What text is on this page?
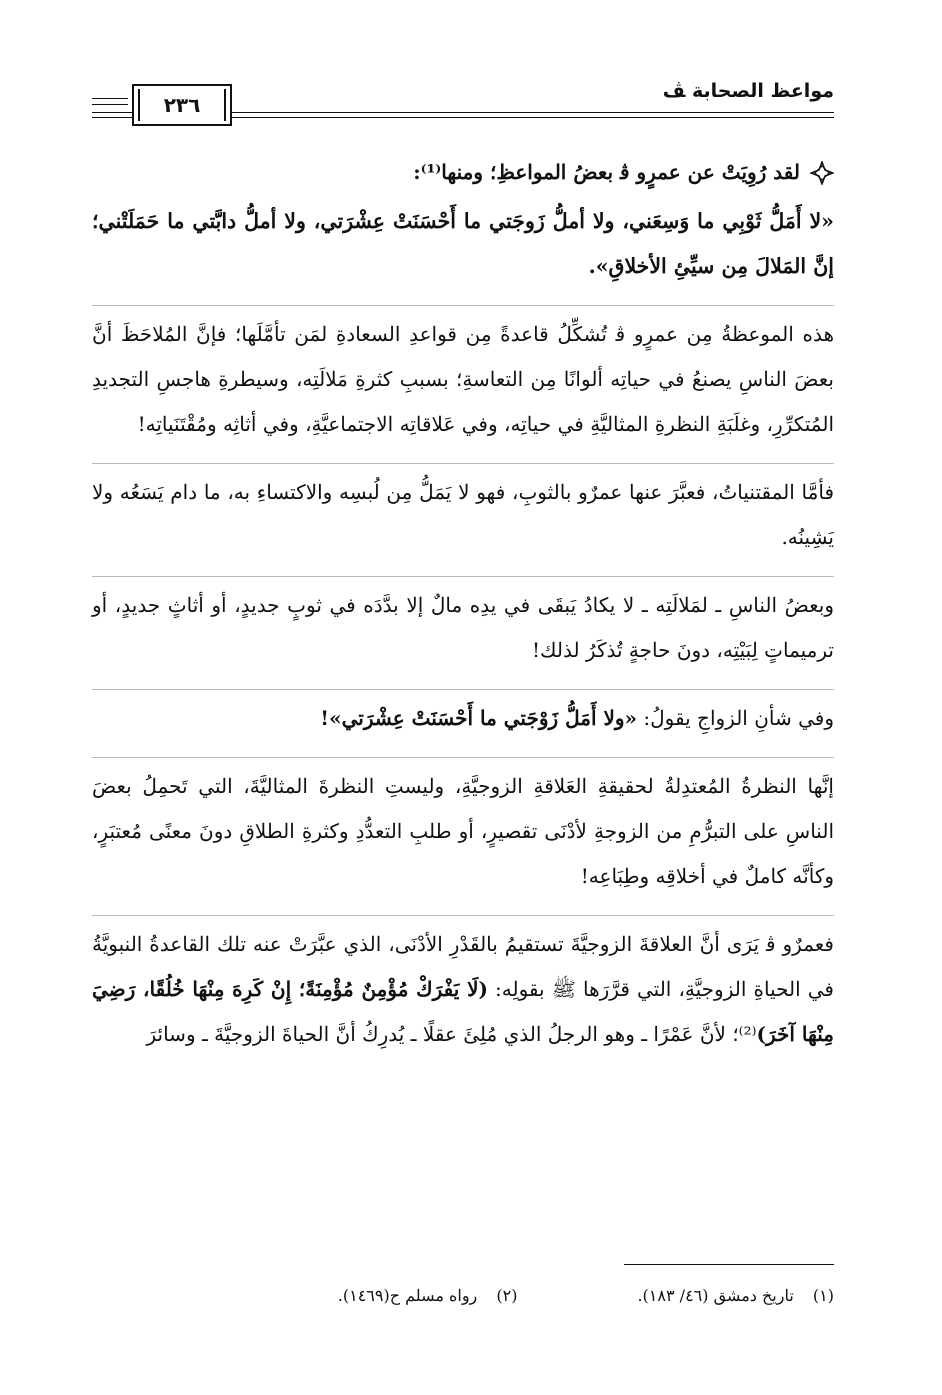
مواعظ الصحابة ﭫ
٢٣٦
لقد رُوِيَتْ عن عمرٍو ﭬ بعضُ المواعظِ؛ ومنها⁽¹⁾:

«لا أَمَلُّ ثَوْبِي ما وَسِعَني، ولا أملُّ زَوجَتي ما أَحْسَنَتْ عِشْرَتي، ولا أملُّ دابَّتي ما حَمَلَتْني؛ إنَّ المَلالَ مِن سيِّئِ الأخلاقِ».

هذه الموعظةُ مِن عمرٍو ﭬ تُشكِّلُ قاعدةً مِن قواعدِ السعادةِ لمَن تأمَّلَها؛ فإنَّ المُلاحَظَ أنَّ بعضَ الناسِ يصنعُ في حياتِه ألوانًا مِن التعاسةِ؛ بسببِ كثرةِ مَلالَتِه، وسيطرةِ هاجسِ التجديدِ المُتكرِّرِ، وغلَبَةِ النظرةِ المثاليَّةِ في حياتِه، وفي عَلاقاتِه الاجتماعيَّةِ، وفي أثاثِه ومُقْتَنَياتِه!

فأمَّا المقتنياتُ، فعبَّرَ عنها عمرٌو بالثوبِ، فهو لا يَمَلُّ مِن لُبسِه والاكتساءِ به، ما دام يَسَعُه ولا يَشِينُه.

وبعضُ الناسِ ـ لمَلالَتِه ـ لا يكادُ يَبقَى في يدِه مالٌ إلا بدَّدَه في ثوبٍ جديدٍ، أو أثاثٍ جديدٍ، أو ترميماتٍ لِبَيْتِه، دونَ حاجةٍ تُذكَرُ لذلك!

وفي شأنِ الزواجِ يقولُ: «ولا أَمَلُّ زَوْجَتي ما أَحْسَنَتْ عِشْرَتي»!

إنَّها النظرةُ المُعتدِلةُ لحقيقةِ العَلاقةِ الزوجيَّةِ، وليستِ النظرةَ المثاليَّةَ، التي تَحمِلُ بعضَ الناسِ على التبرُّمِ من الزوجةِ لأدْنَى تقصيرٍ، أو طلبِ التعدُّدِ وكثرةِ الطلاقِ دونَ معنًى مُعتبَرٍ، وكأنَّه كاملٌ في أخلاقِه وطِبَاعِه!

فعمرٌو ﭬ يَرَى أنَّ العلاقةَ الزوجيَّةَ تستقيمُ بالقَدْرِ الأدْنَى، الذي عبَّرَتْ عنه تلك القاعدةُ النبويَّةُ في الحياةِ الزوجيَّةِ، التي قرَّرَها ﷺ بقولِه: (لَا يَفْرَكْ مُؤْمِنٌ مُؤْمِنَةً؛ إِنْ كَرِهَ مِنْهَا خُلُقًا، رَضِيَ مِنْهَا آخَرَ)⁽²⁾؛ لأنَّ عَمْرًا ـ وهو الرجلُ الذي مُلِئَ عقلًا ـ يُدرِكُ أنَّ الحياةَ الزوجيَّةَ ـ وسائرَ

(١) تاريخ دمشق (٤٦/ ١٨٣).
(٢) رواه مسلم ح(١٤٦٩).
